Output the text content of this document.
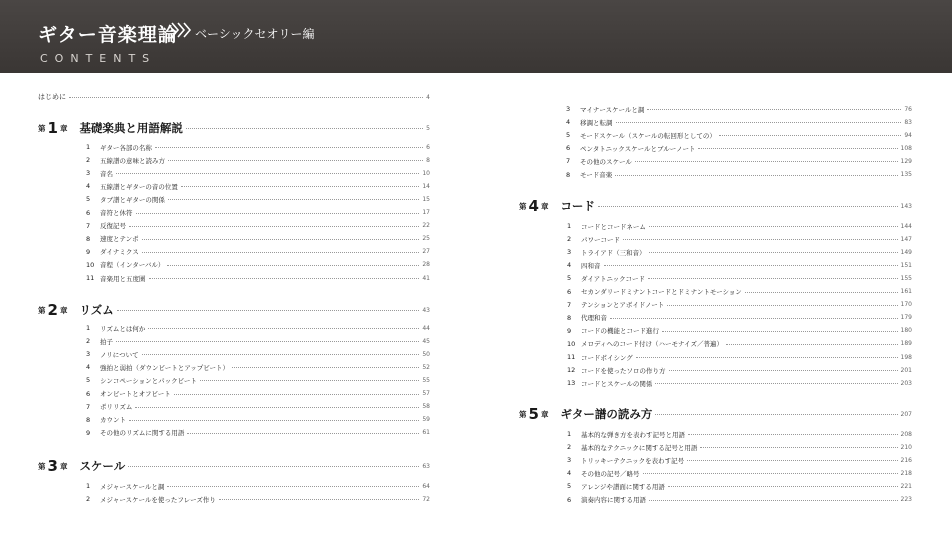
ギター音楽理論 ベーシックセオリー編
CONTENTS
はじめに	4
第 1 章 基礎楽典と用語解説	5
1	ギター各部の名称	6
2	五線譜の意味と読み方	8
3	音名	10
4	五線譜とギターの音の位置	14
5	タブ譜とギターの関係	15
6	音符と休符	17
7	反復記号	22
8	速度とテンポ	25
9	ダイナミクス	27
10 音程（インターバル）	28
11 音楽用と五度圏	41
第 2 章 リズム	43
1	リズムとは何か	44
2	拍子	45
3	ノリについて	50
4	強拍と弱拍（ダウンビートとアップビート）	52
5	シンコペーションとパックビート	55
6	オンビートとオフビート	57
7	ポリリズム	58
8	カウント	59
9	その他のリズムに関する用語	61
第 3 章 スケール	63
1	メジャースケールと調	64
2	メジャースケールを使ったフレーズ作り	72
3	マイナースケールと調	76
4	移調と転調	83
5	モードスケール（スケールの転回形としての）	94
6	ペンタトニックスケールとブルーノート	108
7	その他のスケール	129
8	モード音楽	135
第 4 章 コード	143
1	コードとコードネーム	144
2	パワーコード	147
3	トライアド（三和音）	149
4	四和音	151
5	ダイアトニックコード	155
6	セカンダリードミナントコードとドミナントモーション	161
7	テンションとアボイドノート	170
8	代理和音	179
9	コードの機能とコード進行	180
10 メロディへのコード付け（ハーモナイズ／普遍）	189
11 コードボイシング	198
12 コードを使ったソロの作り方	201
13 コードとスケールの関係	203
第 5 章 ギター譜の読み方	207
1	基本的な弾き方を表わす記号と用語	208
2	基本的なテクニックに関する記号と用語	210
3	トリッキーテクニックを表わす記号	216
4	その他の記号／略号	218
5	アレンジや譜面に関する用語	221
6	演奏内容に関する用語	223
